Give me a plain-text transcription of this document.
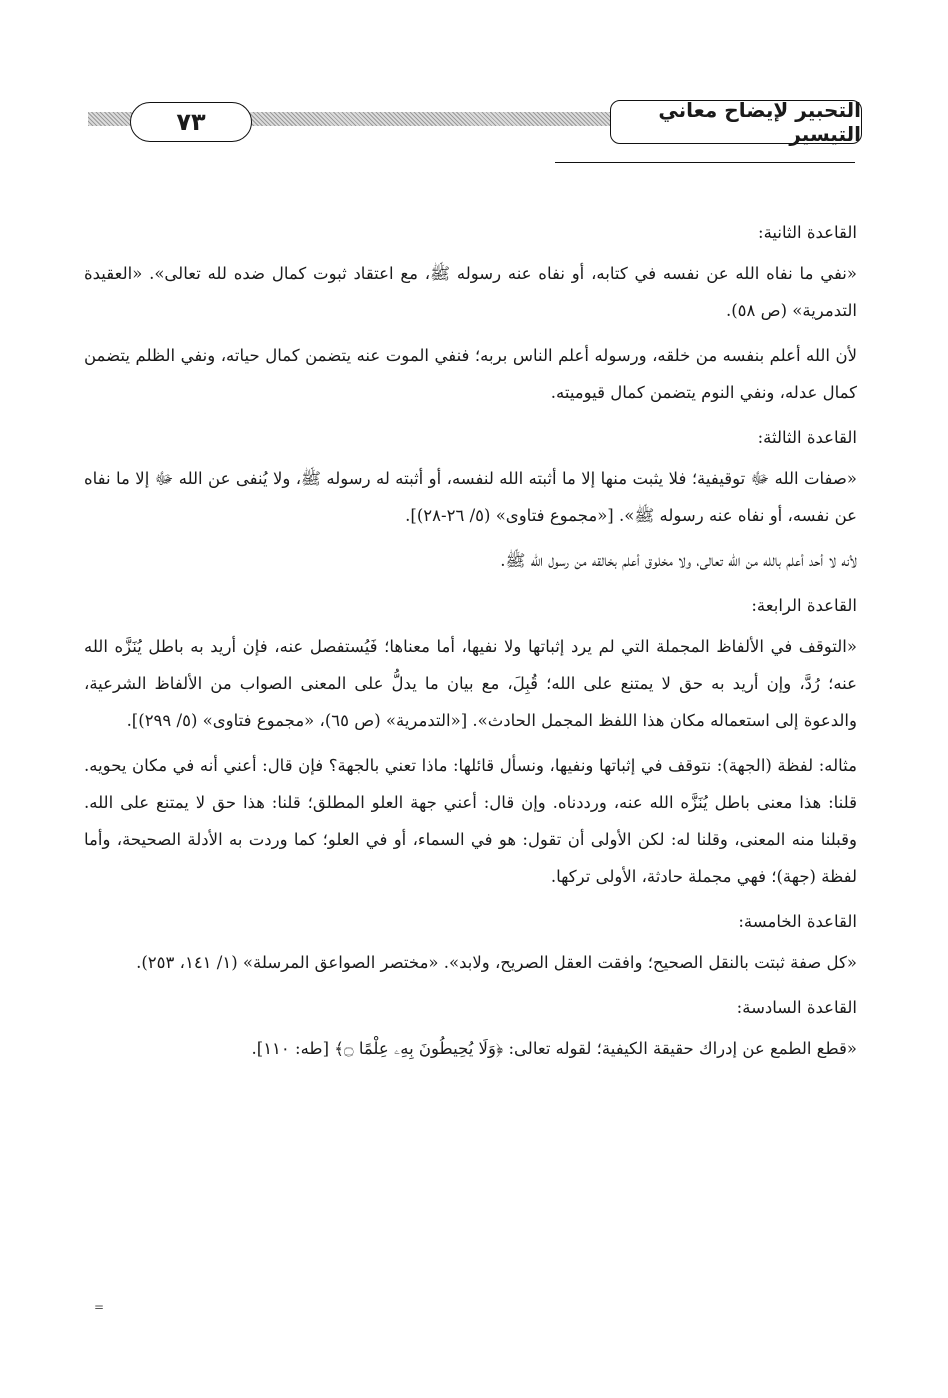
٧٣	التحبير لإيضاح معاني التيسير

القاعدة الثانية:

«نفي ما نفاه الله عن نفسه في كتابه، أو نفاه عنه رسوله ﷺ، مع اعتقاد ثبوت كمال ضده لله تعالى». «العقيدة التدمرية» (ص ٥٨).

لأن الله أعلم بنفسه من خلقه، ورسوله أعلم الناس بربه؛ فنفي الموت عنه يتضمن كمال حياته، ونفي الظلم يتضمن كمال عدله، ونفي النوم يتضمن كمال قيوميته.

القاعدة الثالثة:

«صفات الله ﷻ توقيفية؛ فلا يثبت منها إلا ما أثبته الله لنفسه، أو أثبته له رسوله ﷺ، ولا يُنفى عن الله ﷻ إلا ما نفاه عن نفسه، أو نفاه عنه رسوله ﷺ». [«مجموع فتاوى» (٥/ ٢٦-٢٨)].

لأنه لا أحد أعلم بالله من الله تعالى، ولا مخلوق أعلم بخالقه من رسول الله ﷺ.

القاعدة الرابعة:

«التوقف في الألفاظ المجملة التي لم يرد إثباتها ولا نفيها، أما معناها؛ فَيُستفصل عنه، فإن أريد به باطل يُنَزَّه الله عنه؛ رُدَّ، وإن أريد به حق لا يمتنع على الله؛ قُبِلَ، مع بيان ما يدلُّ على المعنى الصواب من الألفاظ الشرعية، والدعوة إلى استعماله مكان هذا اللفظ المجمل الحادث». [«التدمرية» (ص ٦٥)، «مجموع فتاوى» (٥/ ٢٩٩)].

مثاله: لفظة (الجهة): نتوقف في إثباتها ونفيها، ونسأل قائلها: ماذا تعني بالجهة؟ فإن قال: أعني أنه في مكان يحويه. قلنا: هذا معنى باطل يُنَزَّه الله عنه، ورددناه. وإن قال: أعني جهة العلو المطلق؛ قلنا: هذا حق لا يمتنع على الله. وقبلنا منه المعنى، وقلنا له: لكن الأولى أن تقول: هو في السماء، أو في العلو؛ كما وردت به الأدلة الصحيحة، وأما لفظة (جهة)؛ فهي مجملة حادثة، الأولى تركها.

القاعدة الخامسة:

«كل صفة ثبتت بالنقل الصحيح؛ وافقت العقل الصريح، ولابد». «مختصر الصواعق المرسلة» (١/ ١٤١، ٢٥٣).

القاعدة السادسة:

«قطع الطمع عن إدراك حقيقة الكيفية؛ لقوله تعالى: ﴿وَلَا يُحِيطُونَ بِهِۦ عِلْمًا ۝﴾ [طه: ١١٠].

=
